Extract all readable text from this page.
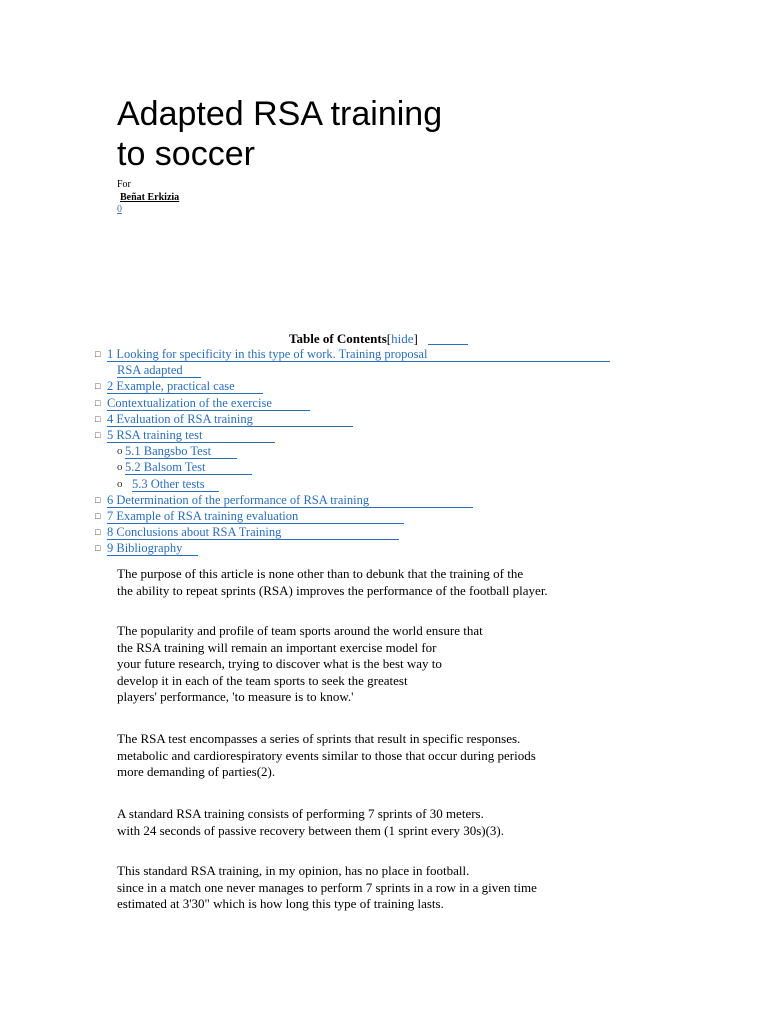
Adapted RSA training
to soccer
For
Beñat Erkizia
0
Table of Contents[hide]
□ 1 Looking for specificity in this type of work. Training proposal
RSA adapted
□ 2 Example, practical case
□ Contextualization of the exercise
□ 4 Evaluation of RSA training
□ 5 RSA training test
o 5.1 Bangsbo Test
o 5.2 Balsom Test
o 5.3 Other tests
□ 6 Determination of the performance of RSA training
□ 7 Example of RSA training evaluation
□ 8 Conclusions about RSA Training
□ 9 Bibliography

The purpose of this article is none other than to debunk that the training of the
the ability to repeat sprints (RSA) improves the performance of the football player.

The popularity and profile of team sports around the world ensure that
the RSA training will remain an important exercise model for
your future research, trying to discover what is the best way to
develop it in each of the team sports to seek the greatest
players' performance, 'to measure is to know.'

The RSA test encompasses a series of sprints that result in specific responses.
metabolic and cardiorespiratory events similar to those that occur during periods
more demanding of parties(2).

A standard RSA training consists of performing 7 sprints of 30 meters.
with 24 seconds of passive recovery between them (1 sprint every 30s)(3).

This standard RSA training, in my opinion, has no place in football.
since in a match one never manages to perform 7 sprints in a row in a given time
estimated at 3'30" which is how long this type of training lasts.
